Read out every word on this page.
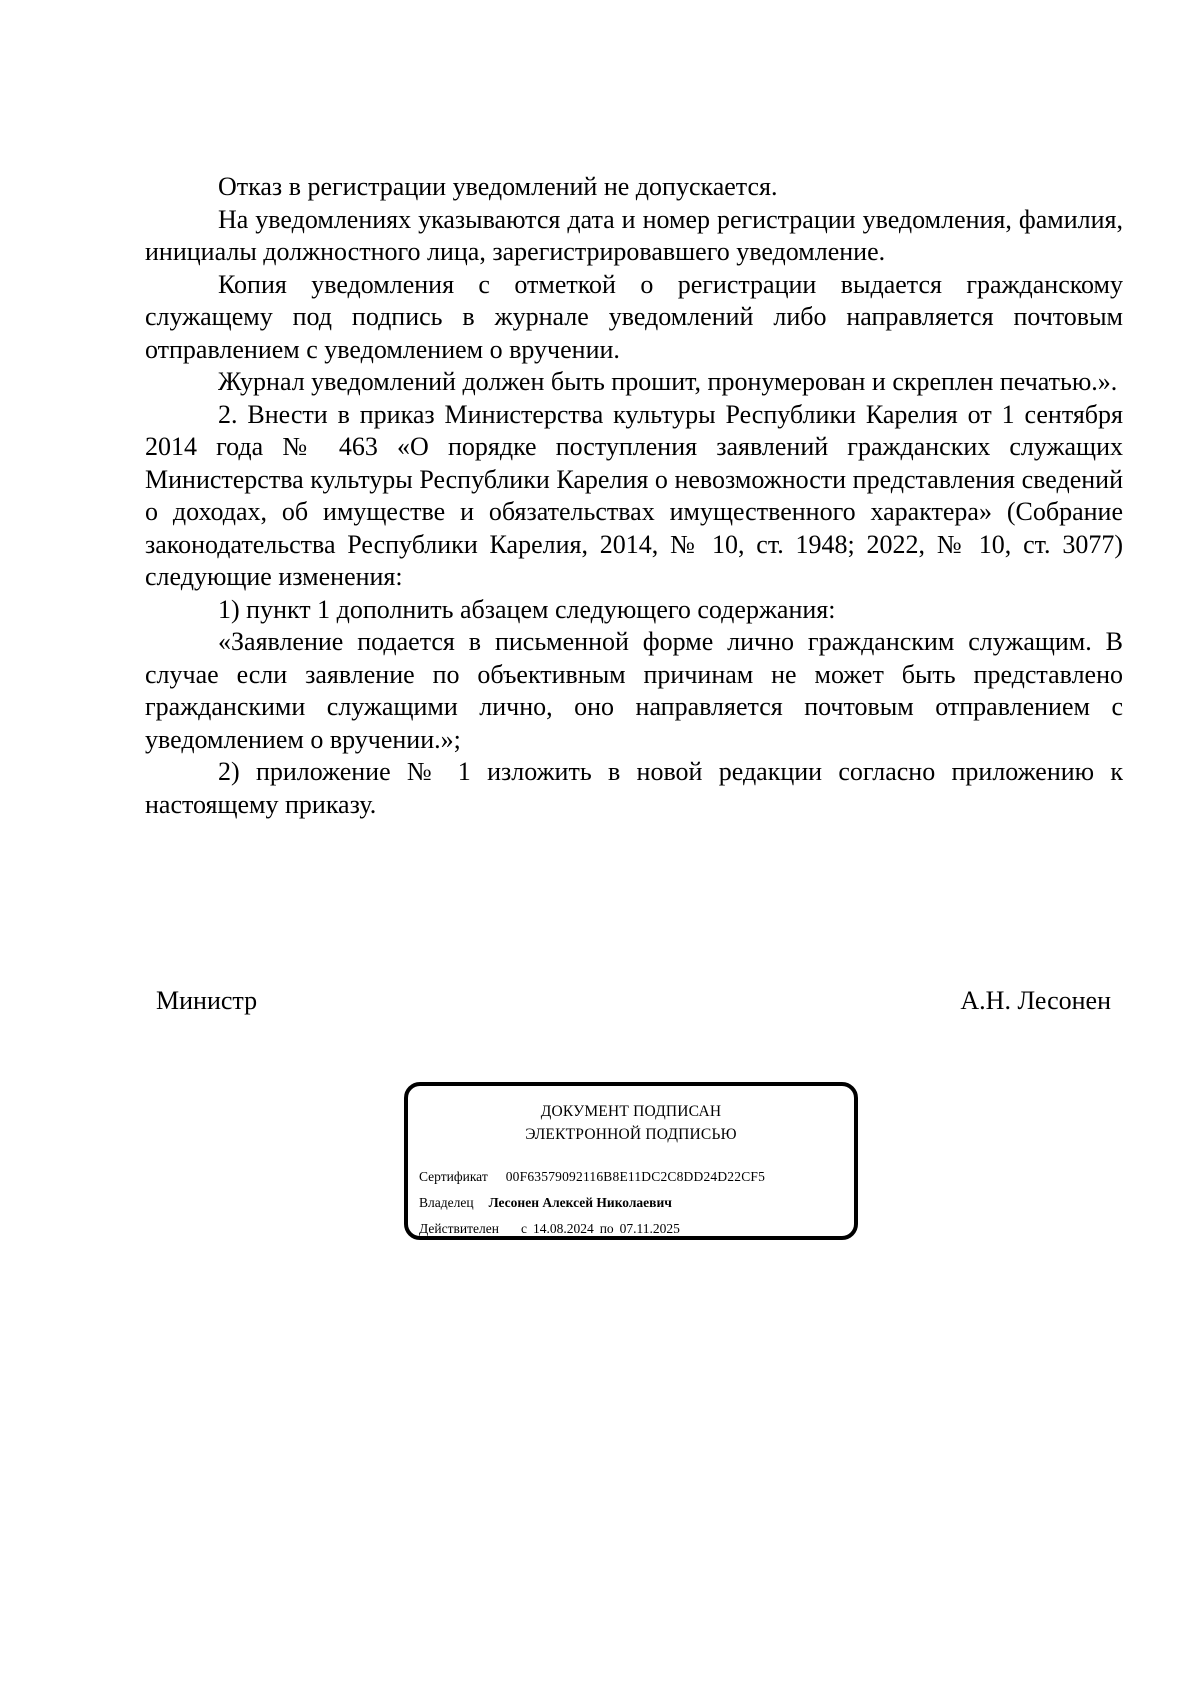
Отказ в регистрации уведомлений не допускается.

На уведомлениях указываются дата и номер регистрации уведомления, фамилия, инициалы должностного лица, зарегистрировавшего уведомление.

Копия уведомления с отметкой о регистрации выдается гражданскому служащему под подпись в журнале уведомлений либо направляется почтовым отправлением с уведомлением о вручении.

Журнал уведомлений должен быть прошит, пронумерован и скреплен печатью.».

2. Внести в приказ Министерства культуры Республики Карелия от 1 сентября 2014 года № 463 «О порядке поступления заявлений гражданских служащих Министерства культуры Республики Карелия о невозможности представления сведений о доходах, об имуществе и обязательствах имущественного характера» (Собрание законодательства Республики Карелия, 2014, № 10, ст. 1948; 2022, № 10, ст. 3077) следующие изменения:

1) пункт 1 дополнить абзацем следующего содержания:

«Заявление подается в письменной форме лично гражданским служащим. В случае если заявление по объективным причинам не может быть представлено гражданскими служащими лично, оно направляется почтовым отправлением с уведомлением о вручении.»;

2) приложение № 1 изложить в новой редакции согласно приложению к настоящему приказу.

Министр	А.Н. Лесонен
ДОКУМЕНТ ПОДПИСАН
ЭЛЕКТРОННОЙ ПОДПИСЬЮ
Сертификат 00F63579092116B8E11DC2C8DD24D22CF5
Владелец Лесонен Алексей Николаевич
Действителен с 14.08.2024 по 07.11.2025
